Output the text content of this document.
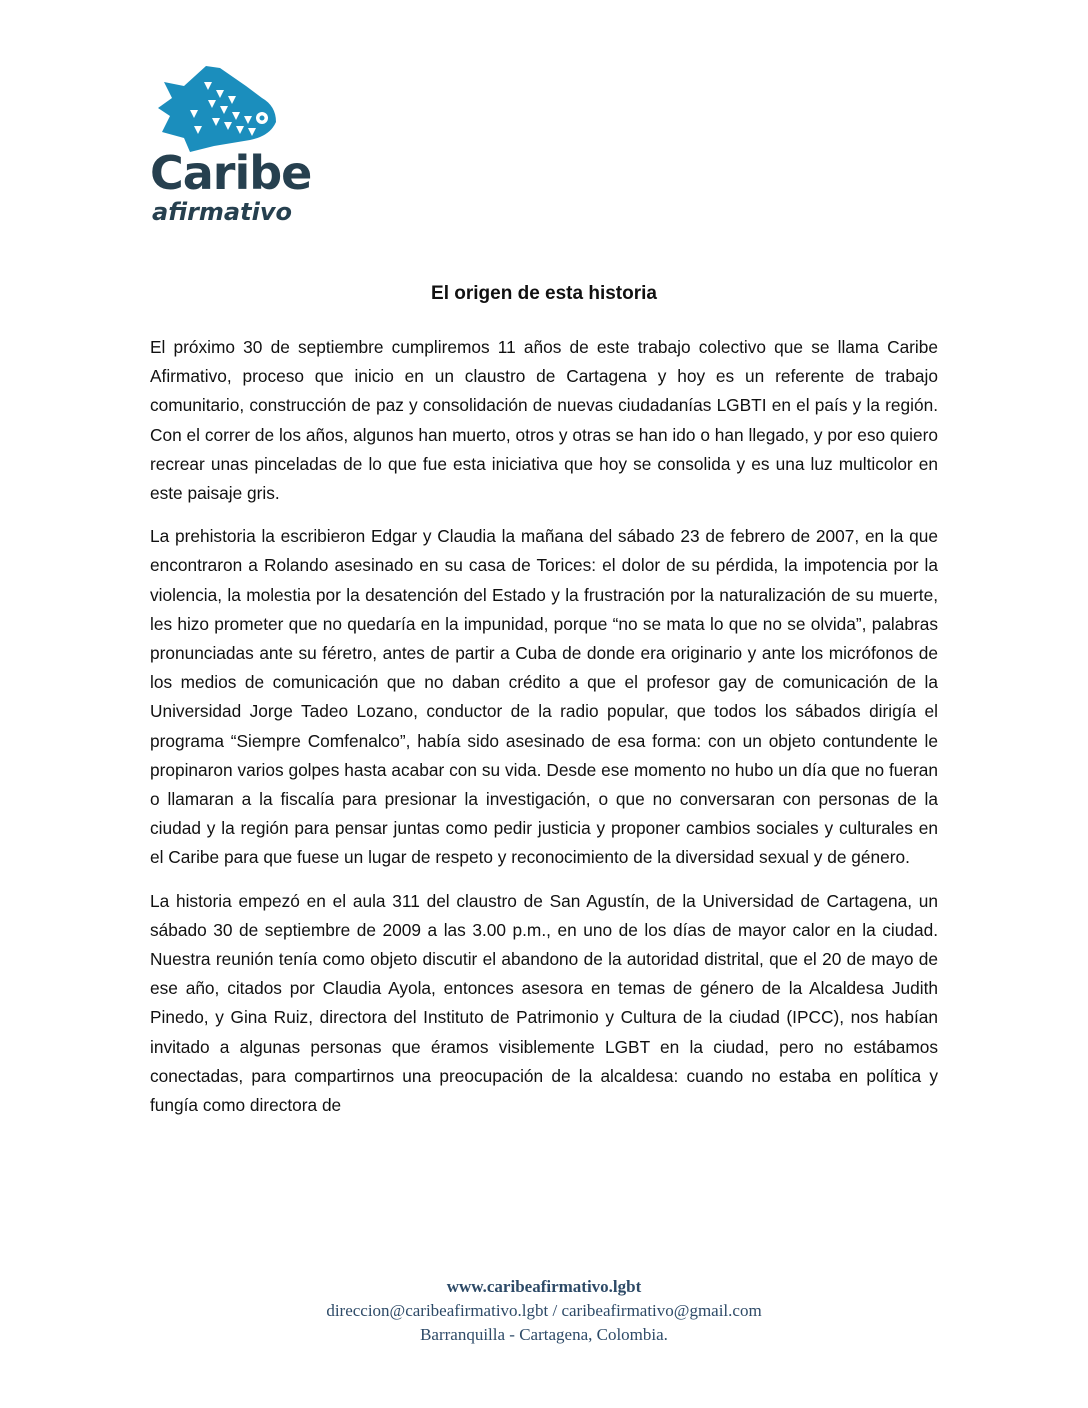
Caribe
afirmativo
El origen de esta historia

El próximo 30 de septiembre cumpliremos 11 años de este trabajo colectivo que se llama Caribe Afirmativo, proceso que inicio en un claustro de Cartagena y hoy es un referente de trabajo comunitario, construcción de paz y consolidación de nuevas ciudadanías LGBTI en el país y la región. Con el correr de los años, algunos han muerto, otros y otras se han ido o han llegado, y por eso quiero recrear unas pinceladas de lo que fue esta iniciativa que hoy se consolida y es una luz multicolor en este paisaje gris.

La prehistoria la escribieron Edgar y Claudia la mañana del sábado 23 de febrero de 2007, en la que encontraron a Rolando asesinado en su casa de Torices: el dolor de su pérdida, la impotencia por la violencia, la molestia por la desatención del Estado y la frustración por la naturalización de su muerte, les hizo prometer que no quedaría en la impunidad, porque “no se mata lo que no se olvida”, palabras pronunciadas ante su féretro, antes de partir a Cuba de donde era originario y ante los micrófonos de los medios de comunicación que no daban crédito a que el profesor gay de comunicación de la Universidad Jorge Tadeo Lozano, conductor de la radio popular, que todos los sábados dirigía el programa “Siempre Comfenalco”, había sido asesinado de esa forma: con un objeto contundente le propinaron varios golpes hasta acabar con su vida. Desde ese momento no hubo un día que no fueran o llamaran a la fiscalía para presionar la investigación, o que no conversaran con personas de la ciudad y la región para pensar juntas como pedir justicia y proponer cambios sociales y culturales en el Caribe para que fuese un lugar de respeto y reconocimiento de la diversidad sexual y de género.

La historia empezó en el aula 311 del claustro de San Agustín, de la Universidad de Cartagena, un sábado 30 de septiembre de 2009 a las 3.00 p.m., en uno de los días de mayor calor en la ciudad. Nuestra reunión tenía como objeto discutir el abandono de la autoridad distrital, que el 20 de mayo de ese año, citados por Claudia Ayola, entonces asesora en temas de género de la Alcaldesa Judith Pinedo, y Gina Ruiz, directora del Instituto de Patrimonio y Cultura de la ciudad (IPCC), nos habían invitado a algunas personas que éramos visiblemente LGBT en la ciudad, pero no estábamos conectadas, para compartirnos una preocupación de la alcaldesa: cuando no estaba en política y fungía como directora de

www.caribeafirmativo.lgbt
direccion@caribeafirmativo.lgbt / caribeafirmativo@gmail.com
Barranquilla - Cartagena, Colombia.
